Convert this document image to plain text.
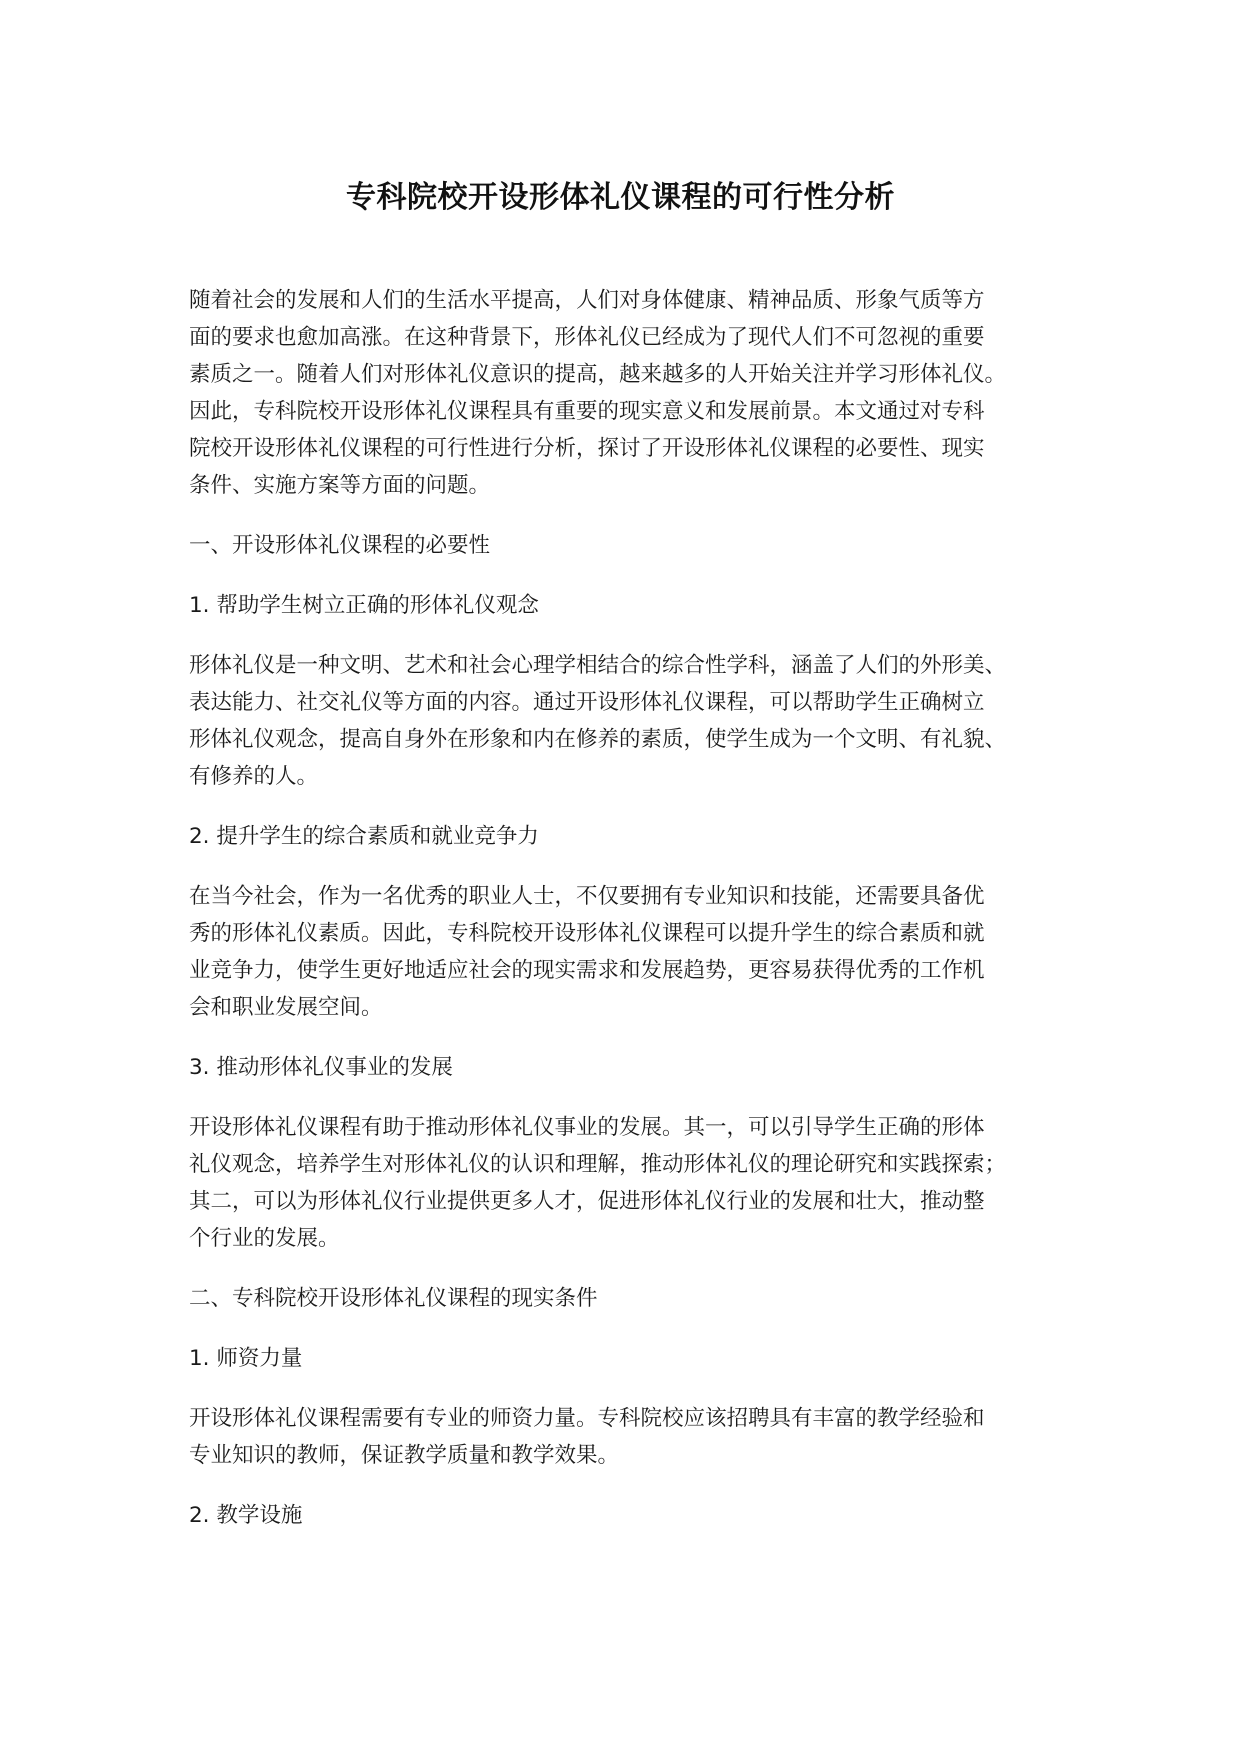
专科院校开设形体礼仪课程的可行性分析
随着社会的发展和人们的生活水平提高，人们对身体健康、精神品质、形象气质等方
面的要求也愈加高涨。在这种背景下，形体礼仪已经成为了现代人们不可忽视的重要
素质之一。随着人们对形体礼仪意识的提高，越来越多的人开始关注并学习形体礼仪。
因此，专科院校开设形体礼仪课程具有重要的现实意义和发展前景。本文通过对专科
院校开设形体礼仪课程的可行性进行分析，探讨了开设形体礼仪课程的必要性、现实
条件、实施方案等方面的问题。
一、开设形体礼仪课程的必要性
1. 帮助学生树立正确的形体礼仪观念
形体礼仪是一种文明、艺术和社会心理学相结合的综合性学科，涵盖了人们的外形美、
表达能力、社交礼仪等方面的内容。通过开设形体礼仪课程，可以帮助学生正确树立
形体礼仪观念，提高自身外在形象和内在修养的素质，使学生成为一个文明、有礼貌、
有修养的人。
2. 提升学生的综合素质和就业竞争力
在当今社会，作为一名优秀的职业人士，不仅要拥有专业知识和技能，还需要具备优
秀的形体礼仪素质。因此，专科院校开设形体礼仪课程可以提升学生的综合素质和就
业竞争力，使学生更好地适应社会的现实需求和发展趋势，更容易获得优秀的工作机
会和职业发展空间。
3. 推动形体礼仪事业的发展
开设形体礼仪课程有助于推动形体礼仪事业的发展。其一，可以引导学生正确的形体
礼仪观念，培养学生对形体礼仪的认识和理解，推动形体礼仪的理论研究和实践探索；
其二，可以为形体礼仪行业提供更多人才，促进形体礼仪行业的发展和壮大，推动整
个行业的发展。
二、专科院校开设形体礼仪课程的现实条件
1. 师资力量
开设形体礼仪课程需要有专业的师资力量。专科院校应该招聘具有丰富的教学经验和
专业知识的教师，保证教学质量和教学效果。
2. 教学设施
